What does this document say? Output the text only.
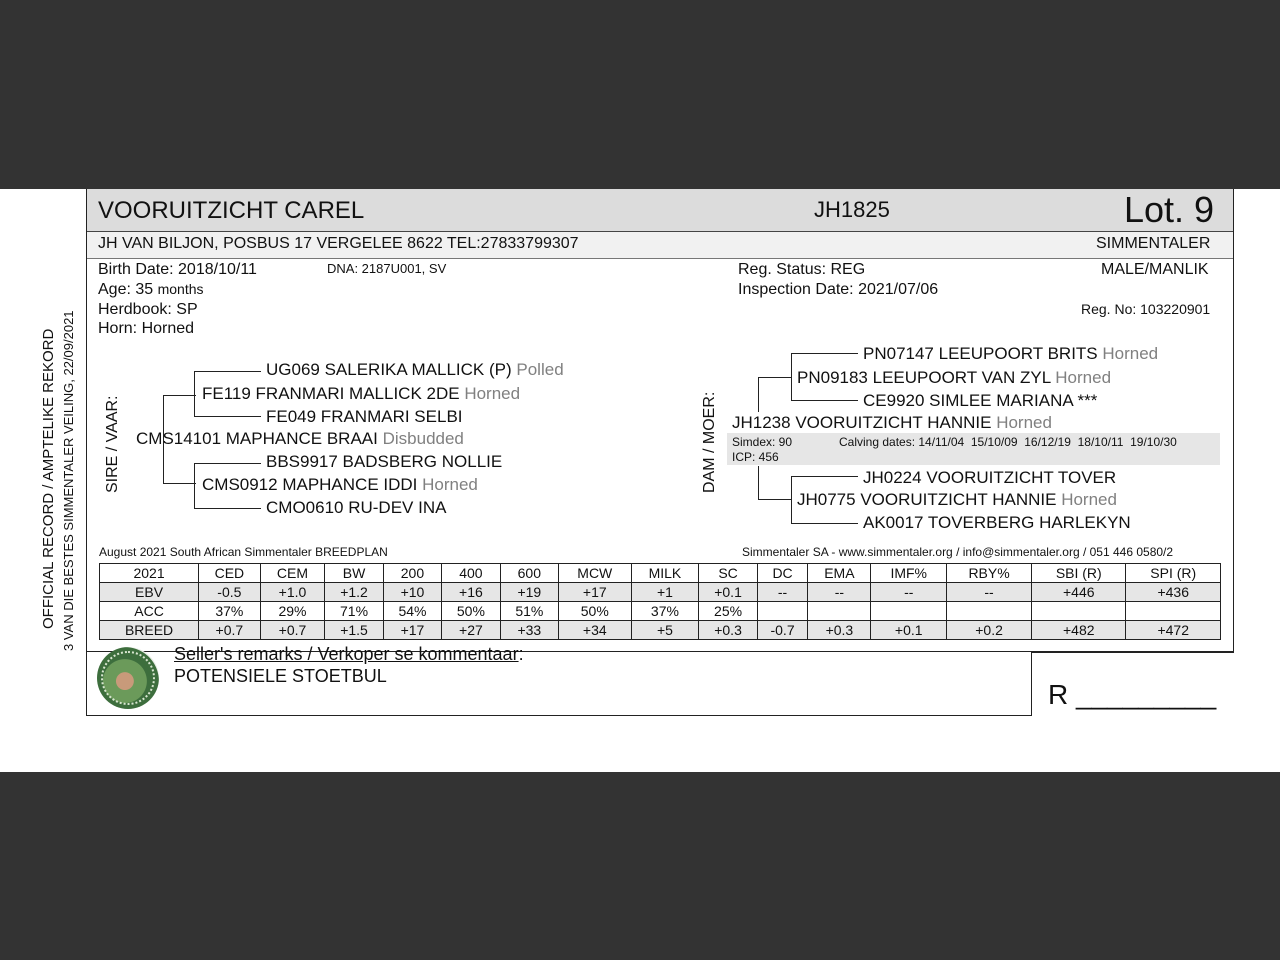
OFFICIAL RECORD / AMPTELIKE REKORD 3 VAN DIE BESTES SIMMENTALER VEILING, 22/09/2021
VOORUITZICHT CAREL	JH1825	Lot. 9
JH VAN BILJON, POSBUS 17 VERGELEE 8622 TEL:27833799307	SIMMENTALER
Birth Date: 2018/10/11	DNA: 2187U001, SV
Age: 35 months
Herdbook: SP
Horn: Horned
Reg. Status: REG
Inspection Date: 2021/07/06
MALE/MANLIK
Reg. No: 103220901
SIRE / VAAR:
UG069 SALERIKA MALLICK (P) Polled
FE119 FRANMARI MALLICK 2DE Horned
FE049 FRANMARI SELBI
CMS14101 MAPHANCE BRAAI Disbudded
BBS9917 BADSBERG NOLLIE
CMS0912 MAPHANCE IDDI Horned
CMO0610 RU-DEV INA
DAM / MOER:
PN07147 LEEUPOORT BRITS Horned
PN09183 LEEUPOORT VAN ZYL Horned
CE9920 SIMLEE MARIANA ***
JH1238 VOORUITZICHT HANNIE Horned
Simdex: 90	Calving dates: 14/11/04  15/10/09  16/12/19  18/10/11  19/10/30
ICP: 456
JH0224 VOORUITZICHT TOVER
JH0775 VOORUITZICHT HANNIE Horned
AK0017 TOVERBERG HARLEKYN
August 2021 South African Simmentaler BREEDPLAN	Simmentaler SA - www.simmentaler.org / info@simmentaler.org / 051 446 0580/2
2021	CED	CEM	BW	200	400	600	MCW	MILK	SC	DC	EMA	IMF%	RBY%	SBI (R)	SPI (R)
EBV	-0.5	+1.0	+1.2	+10	+16	+19	+17	+1	+0.1	--	--	--	--	+446	+436
ACC	37%	29%	71%	54%	50%	51%	50%	37%	25%						
BREED	+0.7	+0.7	+1.5	+17	+27	+33	+34	+5	+0.3	-0.7	+0.3	+0.1	+0.2	+482	+472
Seller's remarks / Verkoper se kommentaar:
POTENSIELE STOETBUL
R _________
